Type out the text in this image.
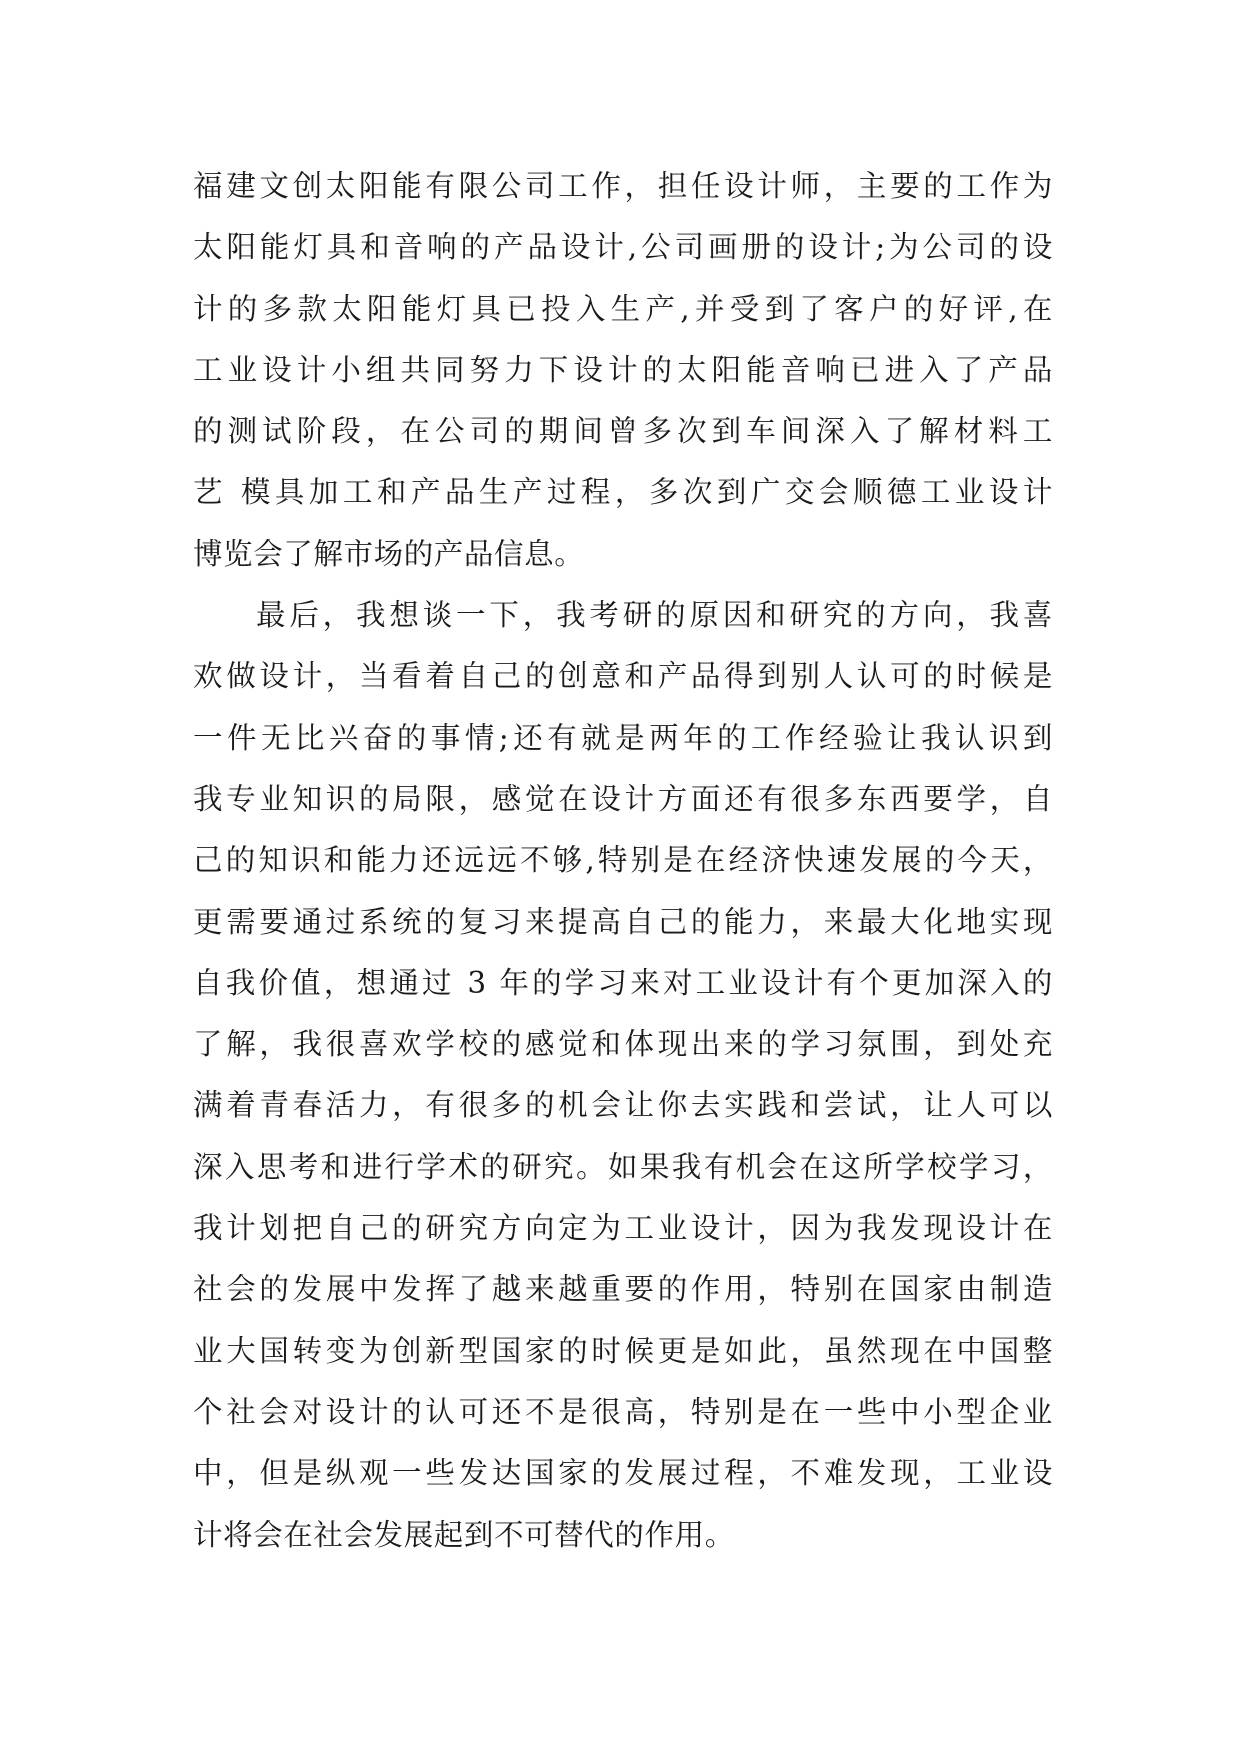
福建文创太阳能有限公司工作，担任设计师，主要的工作为
太阳能灯具和音响的产品设计,公司画册的设计;为公司的设
计的多款太阳能灯具已投入生产,并受到了客户的好评,在
工业设计小组共同努力下设计的太阳能音响已进入了产品
的测试阶段，在公司的期间曾多次到车间深入了解材料工
艺 模具加工和产品生产过程，多次到广交会顺德工业设计
博览会了解市场的产品信息。
最后，我想谈一下，我考研的原因和研究的方向，我喜
欢做设计，当看着自己的创意和产品得到别人认可的时候是
一件无比兴奋的事情;还有就是两年的工作经验让我认识到
我专业知识的局限，感觉在设计方面还有很多东西要学，自
己的知识和能力还远远不够,特别是在经济快速发展的今天，
更需要通过系统的复习来提高自己的能力，来最大化地实现
自我价值，想通过 3 年的学习来对工业设计有个更加深入的
了解，我很喜欢学校的感觉和体现出来的学习氛围，到处充
满着青春活力，有很多的机会让你去实践和尝试，让人可以
深入思考和进行学术的研究。如果我有机会在这所学校学习，
我计划把自己的研究方向定为工业设计，因为我发现设计在
社会的发展中发挥了越来越重要的作用，特别在国家由制造
业大国转变为创新型国家的时候更是如此，虽然现在中国整
个社会对设计的认可还不是很高，特别是在一些中小型企业
中，但是纵观一些发达国家的发展过程，不难发现，工业设
计将会在社会发展起到不可替代的作用。
